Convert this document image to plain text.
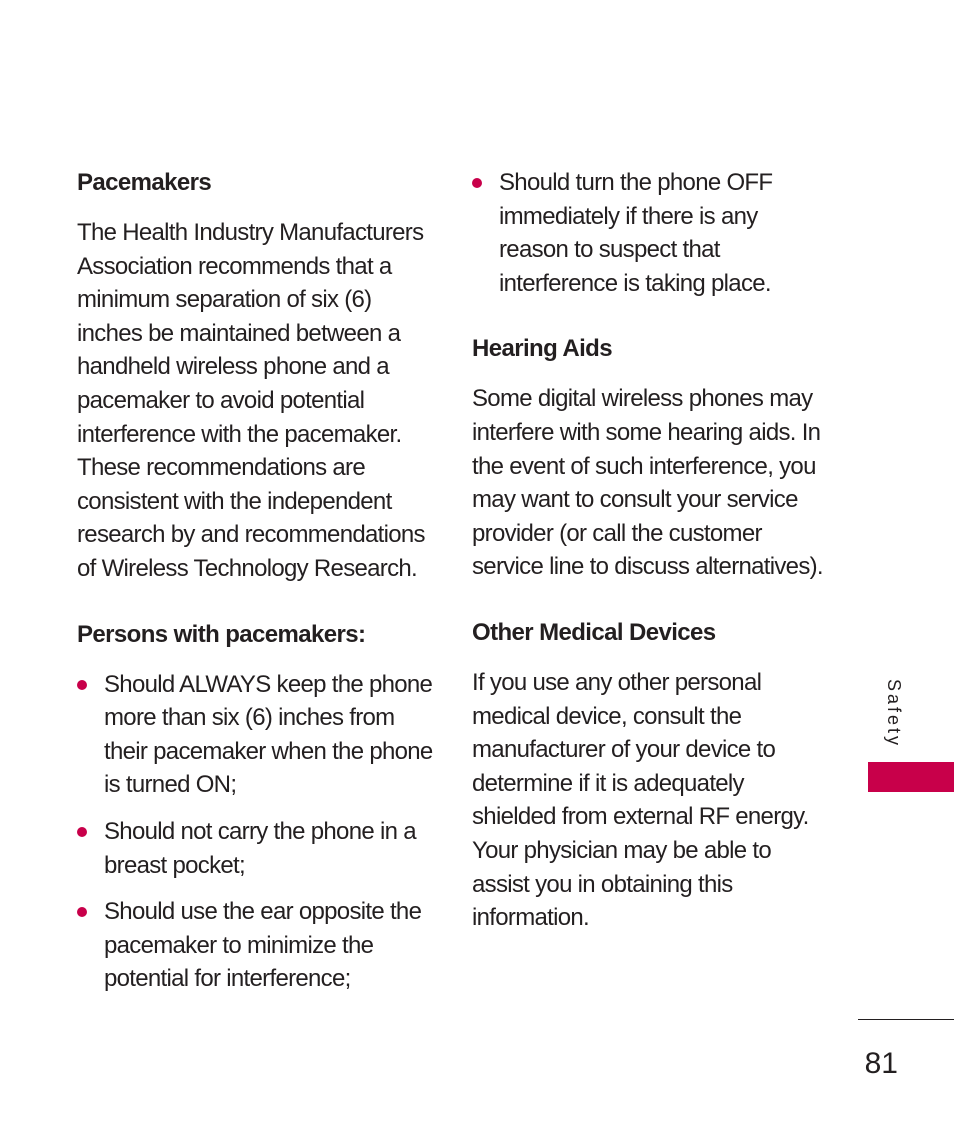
Pacemakers
The Health Industry Manufacturers Association recommends that a minimum separation of six (6) inches be maintained between a handheld wireless phone and a pacemaker to avoid potential interference with the pacemaker. These recommendations are consistent with the independent research by and recommendations of Wireless Technology Research.
Persons with pacemakers:
Should ALWAYS keep the phone more than six (6) inches from their pacemaker when the phone is turned ON;
Should not carry the phone in a breast pocket;
Should use the ear opposite the pacemaker to minimize the potential for interference;
Should turn the phone OFF immediately if there is any reason to suspect that interference is taking place.
Hearing Aids
Some digital wireless phones may interfere with some hearing aids. In the event of such interference, you may want to consult your service provider (or call the customer service line to discuss alternatives).
Other Medical Devices
If you use any other personal medical device, consult the manufacturer of your device to determine if it is adequately shielded from external RF energy. Your physician may be able to assist you in obtaining this information.
Safety
81
